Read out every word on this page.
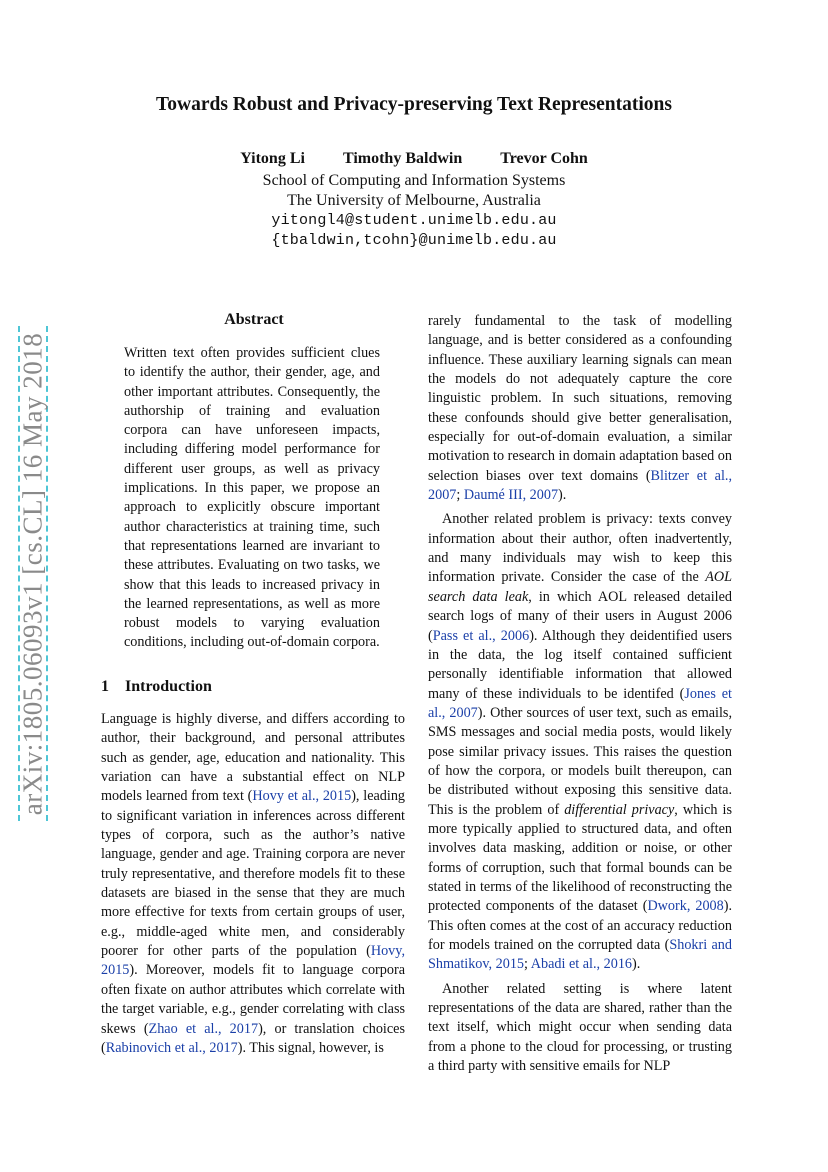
Towards Robust and Privacy-preserving Text Representations
Yitong Li Timothy Baldwin Trevor Cohn
School of Computing and Information Systems
The University of Melbourne, Australia
yitongl4@student.unimelb.edu.au
{tbaldwin,tcohn}@unimelb.edu.au
arXiv:1805.06093v1 [cs.CL] 16 May 2018
Abstract
Written text often provides sufficient clues to identify the author, their gender, age, and other important attributes. Consequently, the authorship of training and evaluation corpora can have unforeseen impacts, including differing model performance for different user groups, as well as privacy implications. In this paper, we propose an approach to explicitly obscure important author characteristics at training time, such that representations learned are invariant to these attributes. Evaluating on two tasks, we show that this leads to increased privacy in the learned representations, as well as more robust models to varying evaluation conditions, including out-of-domain corpora.
1 Introduction
Language is highly diverse, and differs according to author, their background, and personal attributes such as gender, age, education and nationality. This variation can have a substantial effect on NLP models learned from text (Hovy et al., 2015), leading to significant variation in inferences across different types of corpora, such as the author’s native language, gender and age. Training corpora are never truly representative, and therefore models fit to these datasets are biased in the sense that they are much more effective for texts from certain groups of user, e.g., middle-aged white men, and considerably poorer for other parts of the population (Hovy, 2015). Moreover, models fit to language corpora often fixate on author attributes which correlate with the target variable, e.g., gender correlating with class skews (Zhao et al., 2017), or translation choices (Rabinovich et al., 2017). This signal, however, is

rarely fundamental to the task of modelling language, and is better considered as a confounding influence. These auxiliary learning signals can mean the models do not adequately capture the core linguistic problem. In such situations, removing these confounds should give better generalisation, especially for out-of-domain evaluation, a similar motivation to research in domain adaptation based on selection biases over text domains (Blitzer et al., 2007; Daumé III, 2007).

Another related problem is privacy: texts convey information about their author, often inadvertently, and many individuals may wish to keep this information private. Consider the case of the AOL search data leak, in which AOL released detailed search logs of many of their users in August 2006 (Pass et al., 2006). Although they deidentified users in the data, the log itself contained sufficient personally identifiable information that allowed many of these individuals to be identifed (Jones et al., 2007). Other sources of user text, such as emails, SMS messages and social media posts, would likely pose similar privacy issues. This raises the question of how the corpora, or models built thereupon, can be distributed without exposing this sensitive data. This is the problem of differential privacy, which is more typically applied to structured data, and often involves data masking, addition or noise, or other forms of corruption, such that formal bounds can be stated in terms of the likelihood of reconstructing the protected components of the dataset (Dwork, 2008). This often comes at the cost of an accuracy reduction for models trained on the corrupted data (Shokri and Shmatikov, 2015; Abadi et al., 2016).

Another related setting is where latent representations of the data are shared, rather than the text itself, which might occur when sending data from a phone to the cloud for processing, or trusting a third party with sensitive emails for NLP
